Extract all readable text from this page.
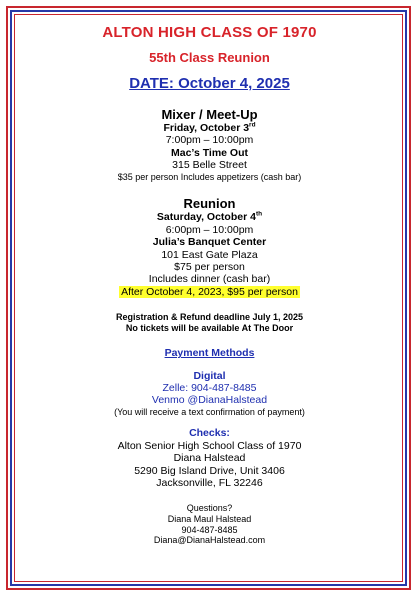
ALTON HIGH CLASS OF 1970
55th Class Reunion
DATE: October 4, 2025
Mixer / Meet-Up
Friday, October 3rd
7:00pm – 10:00pm
Mac’s Time Out
315 Belle Street
$35 per person Includes appetizers (cash bar)
Reunion
Saturday, October 4th
6:00pm – 10:00pm
Julia’s Banquet Center
101 East Gate Plaza
$75 per person
Includes dinner (cash bar)
After October 4, 2023, $95 per person
Registration & Refund deadline July 1, 2025
No tickets will be available At The Door
Payment Methods
Digital
Zelle: 904-487-8485
Venmo @DianaHalstead
(You will receive a text confirmation of payment)
Checks:
Alton Senior High School Class of 1970
Diana Halstead
5290 Big Island Drive, Unit 3406
Jacksonville, FL 32246
Questions?
Diana Maul Halstead
904-487-8485
Diana@DianaHalstead.com
